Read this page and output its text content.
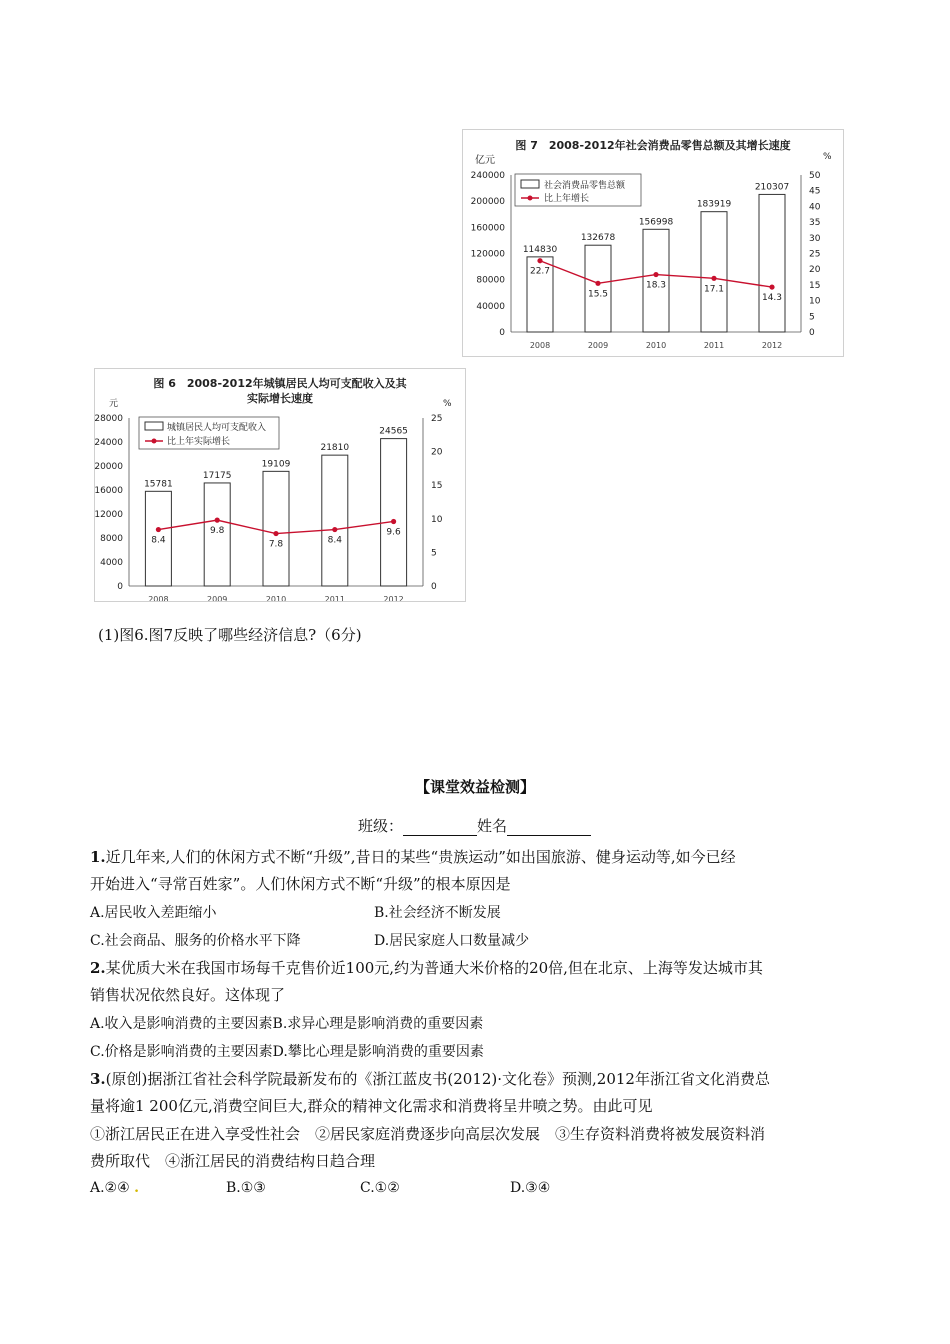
图 7　2008-2012年社会消费品零售总额及其增长速度
亿元	%
240000
200000
160000
120000
80000
40000
0
50
45
40
35
30
25
20
15
10
5
0
114830
2008
132678
2009
156998
2010
183919
2011
210307
2012
22.7
15.5
18.3	17.1
14.3
社会消费品零售总额
比上年增长
图 6　2008-2012年城镇居民人均可支配收入及其
实际增长速度
元	%
28000
24000
20000
16000
12000
8000
4000
0
25
20
15
10
5
0
15781
2008
17175
2009
19109
2010
21810
2011
24565
2012
8.4
9.8
7.8	8.4
9.6
城镇居民人均可支配收入
比上年实际增长
(1)图6.图7反映了哪些经济信息?（6分)
【课堂效益检测】
班级：	姓名
1.近几年来,人们的休闲方式不断“升级”,昔日的某些“贵族运动”如出国旅游、健身运动等,如今已经
开始进入“寻常百姓家”。人们休闲方式不断“升级”的根本原因是
A.居民收入差距缩小	B.社会经济不断发展
C.社会商品、服务的价格水平下降	D.居民家庭人口数量减少
2.某优质大米在我国市场每千克售价近100元,约为普通大米价格的20倍,但在北京、上海等发达城市其
销售状况依然良好。这体现了
A.收入是影响消费的主要因素B.求异心理是影响消费的重要因素
C.价格是影响消费的主要因素D.攀比心理是影响消费的重要因素
3.(原创)据浙江省社会科学院最新发布的《浙江蓝皮书(2012)·文化卷》预测,2012年浙江省文化消费总
量将逾1 200亿元,消费空间巨大,群众的精神文化需求和消费将呈井喷之势。由此可见
①浙江居民正在进入享受性社会　②居民家庭消费逐步向高层次发展　③生存资料消费将被发展资料消
费所取代　④浙江居民的消费结构日趋合理
A.②④ .	B.①③	C.①②	D.③④
